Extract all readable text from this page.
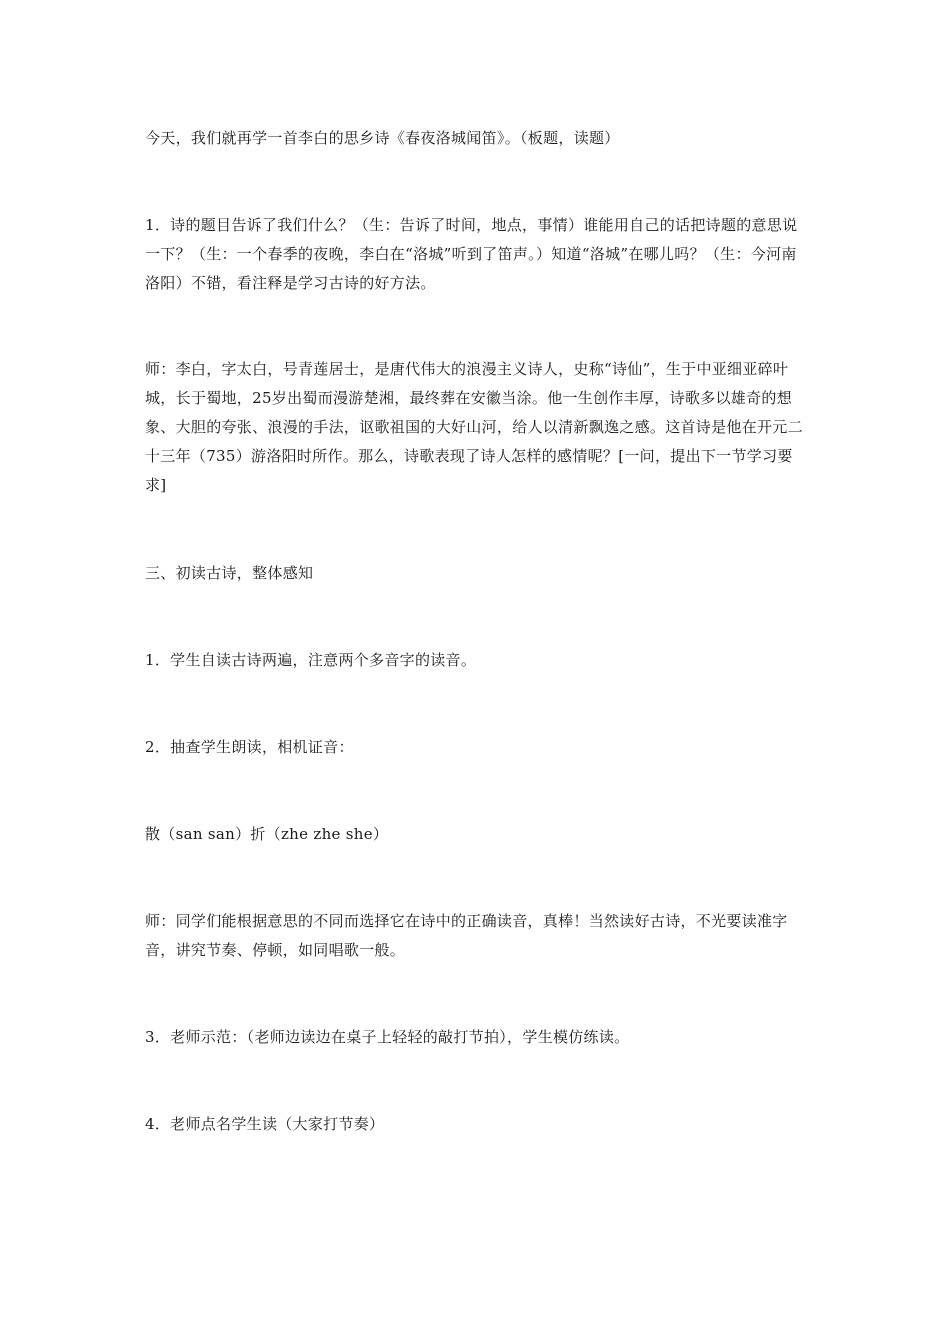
今天，我们就再学一首李白的思乡诗《春夜洛城闻笛》。（板题，读题）

1．诗的题目告诉了我们什么？（生：告诉了时间，地点，事情）谁能用自己的话把诗题的意思说一下？（生：一个春季的夜晚，李白在“洛城”听到了笛声。）知道“洛城”在哪儿吗？（生：今河南洛阳）不错，看注释是学习古诗的好方法。

师：李白，字太白，号青莲居士，是唐代伟大的浪漫主义诗人，史称“诗仙”，生于中亚细亚碎叶城，长于蜀地，25岁出蜀而漫游楚湘，最终葬在安徽当涂。他一生创作丰厚，诗歌多以雄奇的想象、大胆的夸张、浪漫的手法，讴歌祖国的大好山河，给人以清新飘逸之感。这首诗是他在开元二十三年（735）游洛阳时所作。那么，诗歌表现了诗人怎样的感情呢？[一问，提出下一节学习要求]

三、初读古诗，整体感知

1．学生自读古诗两遍，注意两个多音字的读音。

2．抽查学生朗读，相机证音：

散（san san）折（zhe zhe she）

师：同学们能根据意思的不同而选择它在诗中的正确读音，真棒！当然读好古诗，不光要读准字音，讲究节奏、停顿，如同唱歌一般。

3．老师示范：（老师边读边在桌子上轻轻的敲打节拍），学生模仿练读。

4．老师点名学生读（大家打节奏）
